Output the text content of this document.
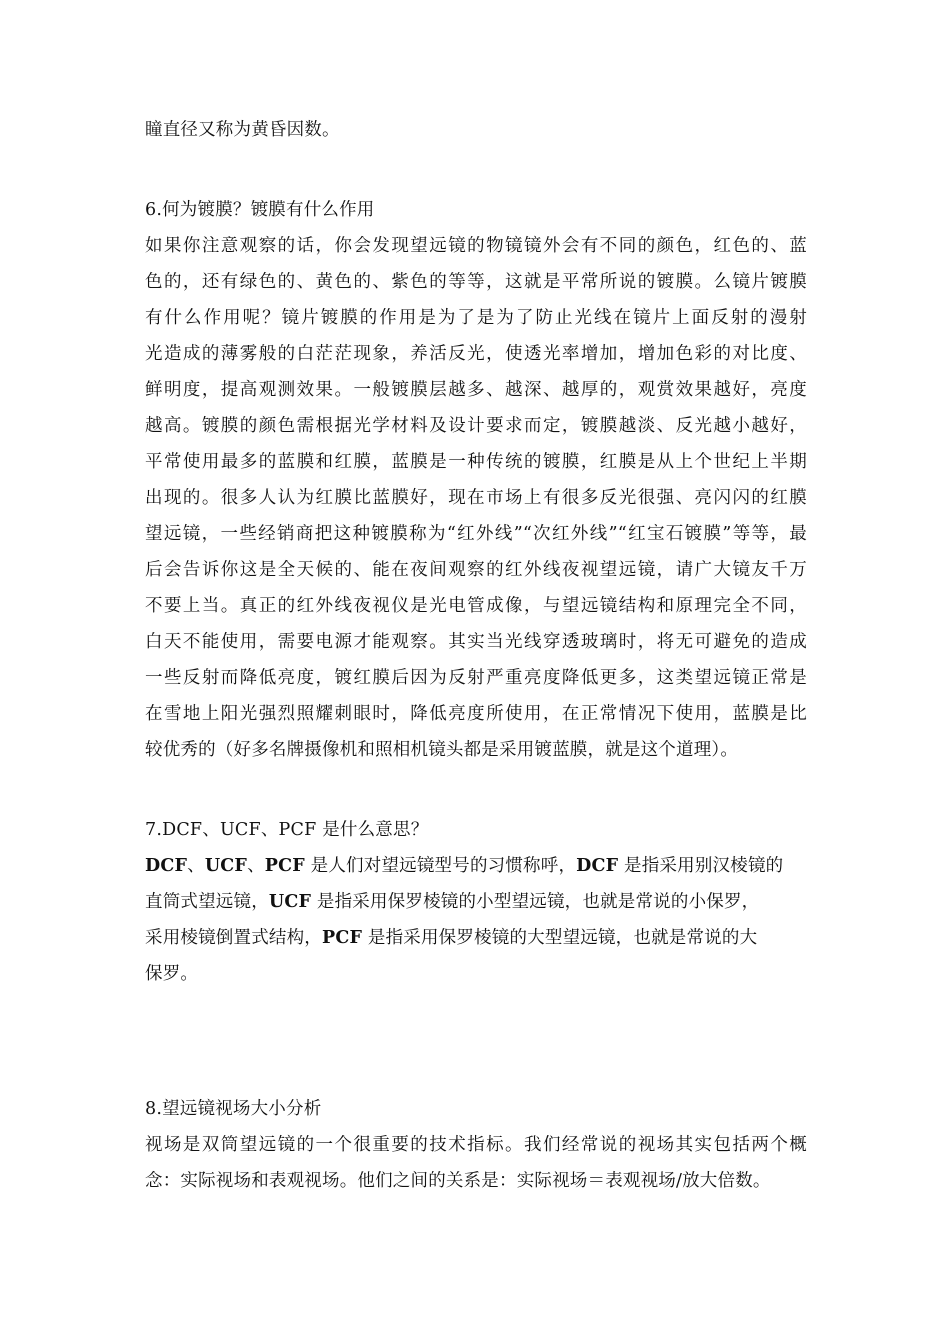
瞳直径又称为黄昏因数。
6.何为镀膜？镀膜有什么作用
如果你注意观察的话，你会发现望远镜的物镜镜外会有不同的颜色，红色的、蓝
色的，还有绿色的、黄色的、紫色的等等，这就是平常所说的镀膜。么镜片镀膜
有什么作用呢？镜片镀膜的作用是为了是为了防止光线在镜片上面反射的漫射
光造成的薄雾般的白茫茫现象，养活反光，使透光率增加，增加色彩的对比度、
鲜明度，提高观测效果。一般镀膜层越多、越深、越厚的，观赏效果越好，亮度
越高。镀膜的颜色需根据光学材料及设计要求而定，镀膜越淡、反光越小越好，
平常使用最多的蓝膜和红膜，蓝膜是一种传统的镀膜，红膜是从上个世纪上半期
出现的。很多人认为红膜比蓝膜好，现在市场上有很多反光很强、亮闪闪的红膜
望远镜，一些经销商把这种镀膜称为“红外线”“次红外线”“红宝石镀膜”等等，最
后会告诉你这是全天候的、能在夜间观察的红外线夜视望远镜，请广大镜友千万
不要上当。真正的红外线夜视仪是光电管成像，与望远镜结构和原理完全不同，
白天不能使用，需要电源才能观察。其实当光线穿透玻璃时，将无可避免的造成
一些反射而降低亮度，镀红膜后因为反射严重亮度降低更多，这类望远镜正常是
在雪地上阳光强烈照耀刺眼时，降低亮度所使用，在正常情况下使用，蓝膜是比
较优秀的（好多名牌摄像机和照相机镜头都是采用镀蓝膜，就是这个道理）。
7.DCF、UCF、PCF 是什么意思？
DCF、UCF、PCF 是人们对望远镜型号的习惯称呼，DCF 是指采用别汉棱镜的
直筒式望远镜，UCF 是指采用保罗棱镜的小型望远镜，也就是常说的小保罗，
采用棱镜倒置式结构，PCF 是指采用保罗棱镜的大型望远镜，也就是常说的大
保罗。
8.望远镜视场大小分析
视场是双筒望远镜的一个很重要的技术指标。我们经常说的视场其实包括两个概
念：实际视场和表观视场。他们之间的关系是：实际视场＝表观视场/放大倍数。
